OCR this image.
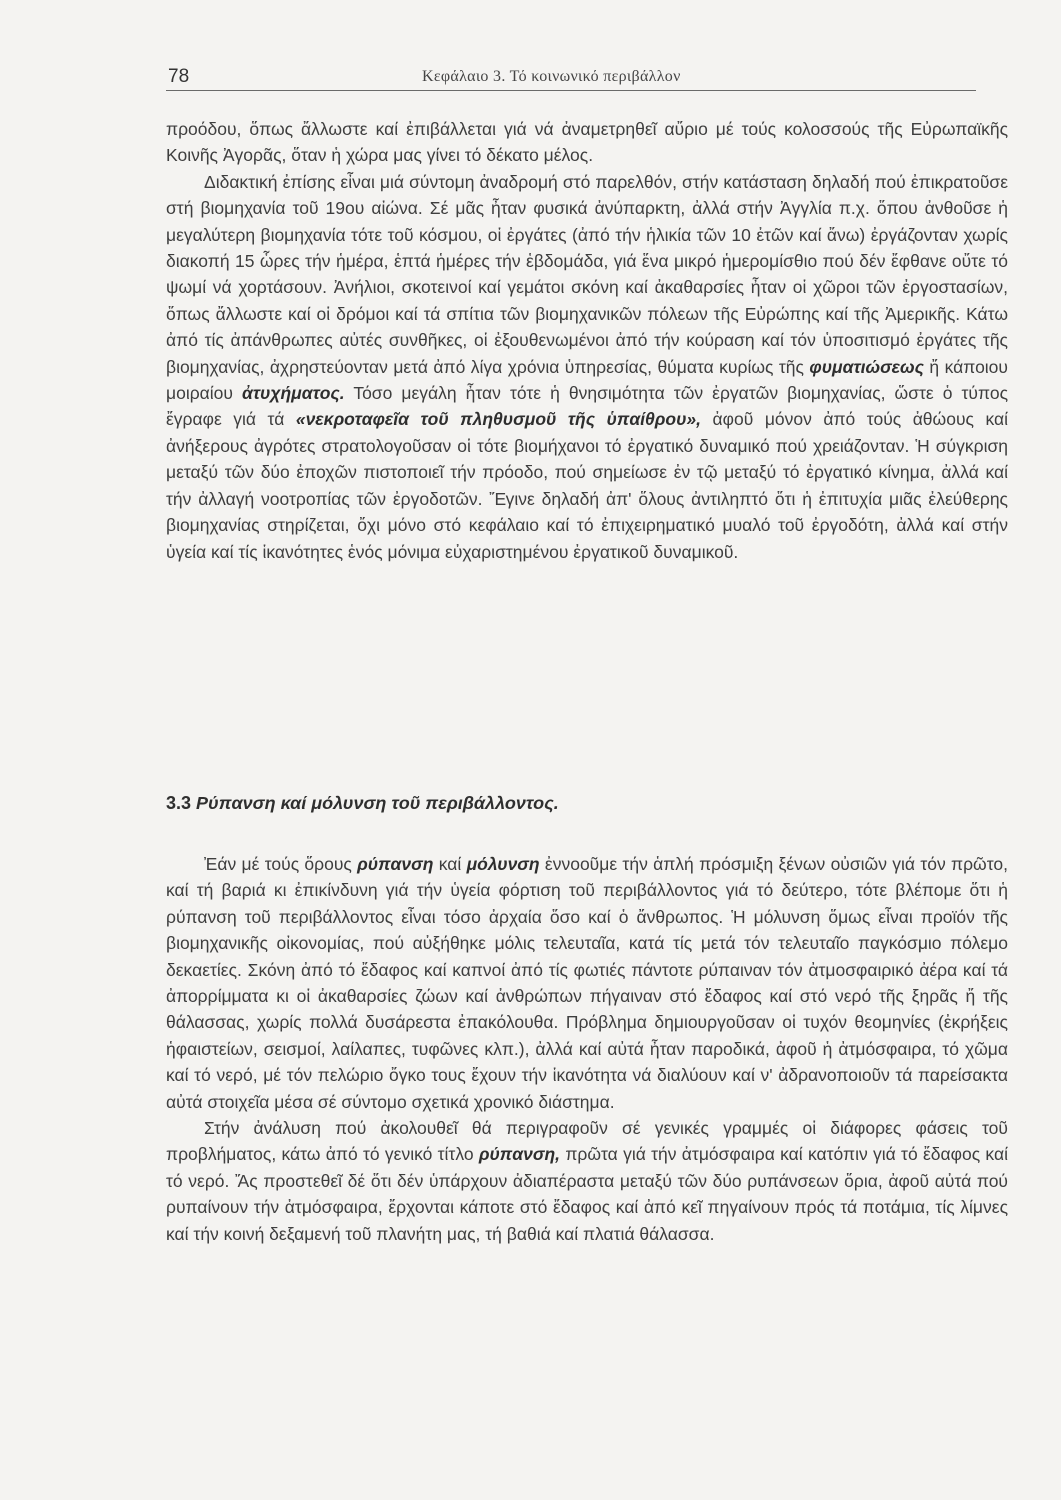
78	Κεφάλαιο 3. Τό κοινωνικό περιβάλλον

προόδου, ὅπως ἄλλωστε καί ἐπιβάλλεται γιά νά ἀναμετρηθεῖ αὔριο μέ τούς κολοσσούς τῆς Εὐρωπαϊκῆς Κοινῆς Ἀγορᾶς, ὅταν ἡ χώρα μας γίνει τό δέκατο μέλος.

Διδακτική ἐπίσης εἶναι μιά σύντομη ἀναδρομή στό παρελθόν, στήν κατάσταση δηλαδή πού ἐπικρατοῦσε στή βιομηχανία τοῦ 19ου αἰώνα. Σέ μᾶς ἦταν φυσικά ἀνύπαρκτη, ἀλλά στήν Ἀγγλία π.χ. ὅπου ἀνθοῦσε ἡ μεγαλύτερη βιομηχανία τότε τοῦ κόσμου, οἱ ἐργάτες (ἀπό τήν ἡλικία τῶν 10 ἐτῶν καί ἄνω) ἐργάζονταν χωρίς διακοπή 15 ὧρες τήν ἡμέρα, ἑπτά ἡμέρες τήν ἑβδομάδα, γιά ἕνα μικρό ἡμερομίσθιο πού δέν ἔφθανε οὔτε τό ψωμί νά χορτάσουν. Ἀνήλιοι, σκοτεινοί καί γεμάτοι σκόνη καί ἀκαθαρσίες ἦταν οἱ χῶροι τῶν ἐργοστασίων, ὅπως ἄλλωστε καί οἱ δρόμοι καί τά σπίτια τῶν βιομηχανικῶν πόλεων τῆς Εὐρώπης καί τῆς Ἀμερικῆς. Κάτω ἀπό τίς ἀπάνθρωπες αὐτές συνθῆκες, οἱ ἐξουθενωμένοι ἀπό τήν κούραση καί τόν ὑποσιτισμό ἐργάτες τῆς βιομηχανίας, ἀχρηστεύονταν μετά ἀπό λίγα χρόνια ὑπηρεσίας, θύματα κυρίως τῆς φυματιώσεως ἤ κάποιου μοιραίου ἀτυχήματος. Τόσο μεγάλη ἦταν τότε ἡ θνησιμότητα τῶν ἐργατῶν βιομηχανίας, ὥστε ὁ τύπος ἔγραφε γιά τά «νεκροταφεῖα τοῦ πληθυσμοῦ τῆς ὑπαίθρου», ἀφοῦ μόνον ἀπό τούς ἀθώους καί ἀνήξερους ἀγρότες στρατολογοῦσαν οἱ τότε βιομήχανοι τό ἐργατικό δυναμικό πού χρειάζονταν. Ἡ σύγκριση μεταξύ τῶν δύο ἐποχῶν πιστοποιεῖ τήν πρόοδο, πού σημείωσε ἐν τῷ μεταξύ τό ἐργατικό κίνημα, ἀλλά καί τήν ἀλλαγή νοοτροπίας τῶν ἐργοδοτῶν. Ἔγινε δηλαδή ἀπ' ὅλους ἀντιληπτό ὅτι ἡ ἐπιτυχία μιᾶς ἐλεύθερης βιομηχανίας στηρίζεται, ὄχι μόνο στό κεφάλαιο καί τό ἐπιχειρηματικό μυαλό τοῦ ἐργοδότη, ἀλλά καί στήν ὑγεία καί τίς ἱκανότητες ἑνός μόνιμα εὐχαριστημένου ἐργατικοῦ δυναμικοῦ.

3.3 Ρύπανση καί μόλυνση τοῦ περιβάλλοντος.

Ἐάν μέ τούς ὅρους ρύπανση καί μόλυνση ἐννοοῦμε τήν ἁπλή πρόσμιξη ξένων οὐσιῶν γιά τόν πρῶτο, καί τή βαριά κι ἐπικίνδυνη γιά τήν ὑγεία φόρτιση τοῦ περιβάλλοντος γιά τό δεύτερο, τότε βλέπομε ὅτι ἡ ρύπανση τοῦ περιβάλλοντος εἶναι τόσο ἀρχαία ὅσο καί ὁ ἄνθρωπος. Ἡ μόλυνση ὅμως εἶναι προϊόν τῆς βιομηχανικῆς οἰκονομίας, πού αὐξήθηκε μόλις τελευταῖα, κατά τίς μετά τόν τελευταῖο παγκόσμιο πόλεμο δεκαετίες. Σκόνη ἀπό τό ἔδαφος καί καπνοί ἀπό τίς φωτιές πάντοτε ρύπαιναν τόν ἀτμοσφαιρικό ἀέρα καί τά ἀπορρίμματα κι οἱ ἀκαθαρσίες ζώων καί ἀνθρώπων πήγαιναν στό ἔδαφος καί στό νερό τῆς ξηρᾶς ἤ τῆς θάλασσας, χωρίς πολλά δυσάρεστα ἐπακόλουθα. Πρόβλημα δημιουργοῦσαν οἱ τυχόν θεομηνίες (ἐκρήξεις ἡφαιστείων, σεισμοί, λαίλαπες, τυφῶνες κλπ.), ἀλλά καί αὐτά ἦταν παροδικά, ἀφοῦ ἡ ἀτμόσφαιρα, τό χῶμα καί τό νερό, μέ τόν πελώριο ὄγκο τους ἔχουν τήν ἱκανότητα νά διαλύουν καί ν' ἀδρανοποιοῦν τά παρείσακτα αὐτά στοιχεῖα μέσα σέ σύντομο σχετικά χρονικό διάστημα.

Στήν ἀνάλυση πού ἀκολουθεῖ θά περιγραφοῦν σέ γενικές γραμμές οἱ διάφορες φάσεις τοῦ προβλήματος, κάτω ἀπό τό γενικό τίτλο ρύπανση, πρῶτα γιά τήν ἀτμόσφαιρα καί κατόπιν γιά τό ἔδαφος καί τό νερό. Ἄς προστεθεῖ δέ ὅτι δέν ὑπάρχουν ἀδιαπέραστα μεταξύ τῶν δύο ρυπάνσεων ὅρια, ἀφοῦ αὐτά πού ρυπαίνουν τήν ἀτμόσφαιρα, ἔρχονται κάποτε στό ἔδαφος καί ἀπό κεῖ πηγαίνουν πρός τά ποτάμια, τίς λίμνες καί τήν κοινή δεξαμενή τοῦ πλανήτη μας, τή βαθιά καί πλατιά θάλασσα.
